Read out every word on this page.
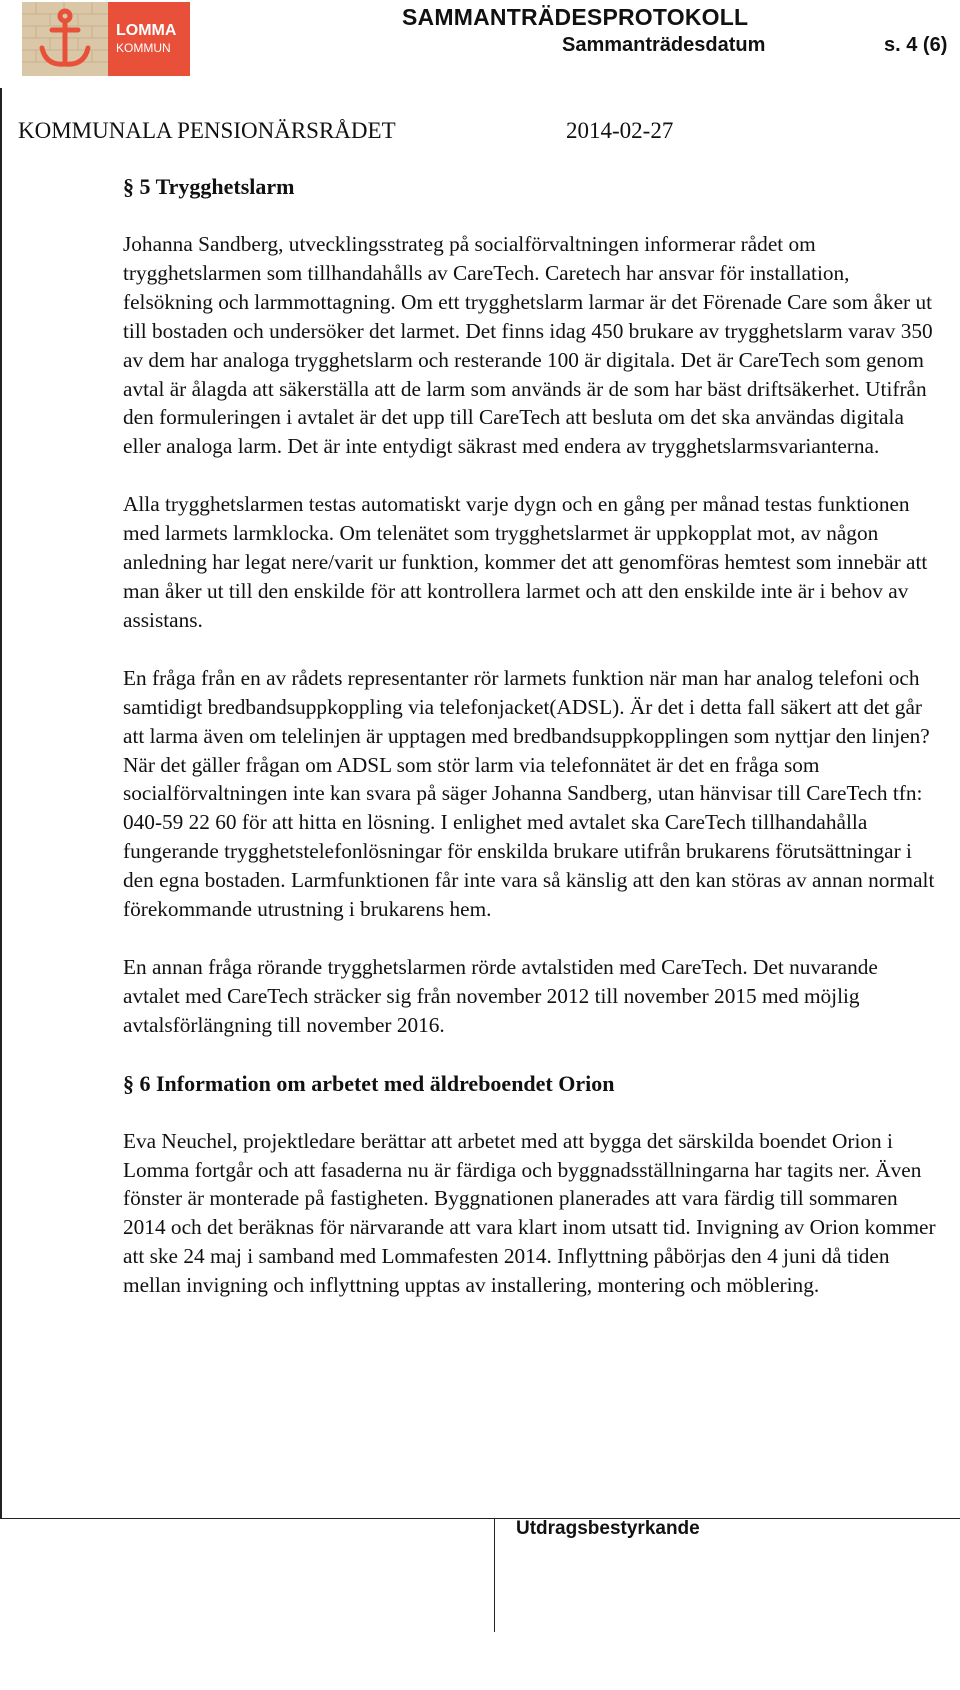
LOMMA
KOMMUN
SAMMANTRÄDESPROTOKOLL
Sammanträdesdatum	s. 4 (6)
KOMMUNALA PENSIONÄRSRÅDET	2014-02-27
§ 5 Trygghetslarm

Johanna Sandberg, utvecklingsstrateg på socialförvaltningen informerar rådet om trygghetslarmen som tillhandahålls av CareTech. Caretech har ansvar för installation, felsökning och larmmottagning. Om ett trygghetslarm larmar är det Förenade Care som åker ut till bostaden och undersöker det larmet. Det finns idag 450 brukare av trygghetslarm varav 350 av dem har analoga trygghetslarm och resterande 100 är digitala. Det är CareTech som genom avtal är ålagda att säkerställa att de larm som används är de som har bäst driftsäkerhet. Utifrån den formuleringen i avtalet är det upp till CareTech att besluta om det ska användas digitala eller analoga larm. Det är inte entydigt säkrast med endera av trygghetslarmsvarianterna.

Alla trygghetslarmen testas automatiskt varje dygn och en gång per månad testas funktionen med larmets larmklocka. Om telenätet som trygghetslarmet är uppkopplat mot, av någon anledning har legat nere/varit ur funktion, kommer det att genomföras hemtest som innebär att man åker ut till den enskilde för att kontrollera larmet och att den enskilde inte är i behov av assistans.

En fråga från en av rådets representanter rör larmets funktion när man har analog telefoni och samtidigt bredbandsuppkoppling via telefonjacket(ADSL). Är det i detta fall säkert att det går att larma även om telelinjen är upptagen med bredbandsuppkopplingen som nyttjar den linjen?

När det gäller frågan om ADSL som stör larm via telefonnätet är det en fråga som socialförvaltningen inte kan svara på säger Johanna Sandberg, utan hänvisar till CareTech tfn: 040-59 22 60 för att hitta en lösning. I enlighet med avtalet ska CareTech tillhandahålla fungerande trygghetstelefonlösningar för enskilda brukare utifrån brukarens förutsättningar i den egna bostaden. Larmfunktionen får inte vara så känslig att den kan störas av annan normalt förekommande utrustning i brukarens hem.

En annan fråga rörande trygghetslarmen rörde avtalstiden med CareTech. Det nuvarande avtalet med CareTech sträcker sig från november 2012 till november 2015 med möjlig avtalsförlängning till november 2016.

§ 6 Information om arbetet med äldreboendet Orion

Eva Neuchel, projektledare berättar att arbetet med att bygga det särskilda boendet Orion i Lomma fortgår och att fasaderna nu är färdiga och byggnadsställningarna har tagits ner. Även fönster är monterade på fastigheten. Byggnationen planerades att vara färdig till sommaren 2014 och det beräknas för närvarande att vara klart inom utsatt tid. Invigning av Orion kommer att ske 24 maj i samband med Lommafesten 2014. Inflyttning påbörjas den 4 juni då tiden mellan invigning och inflyttning upptas av installering, montering och möblering.

Utdragsbestyrkande
